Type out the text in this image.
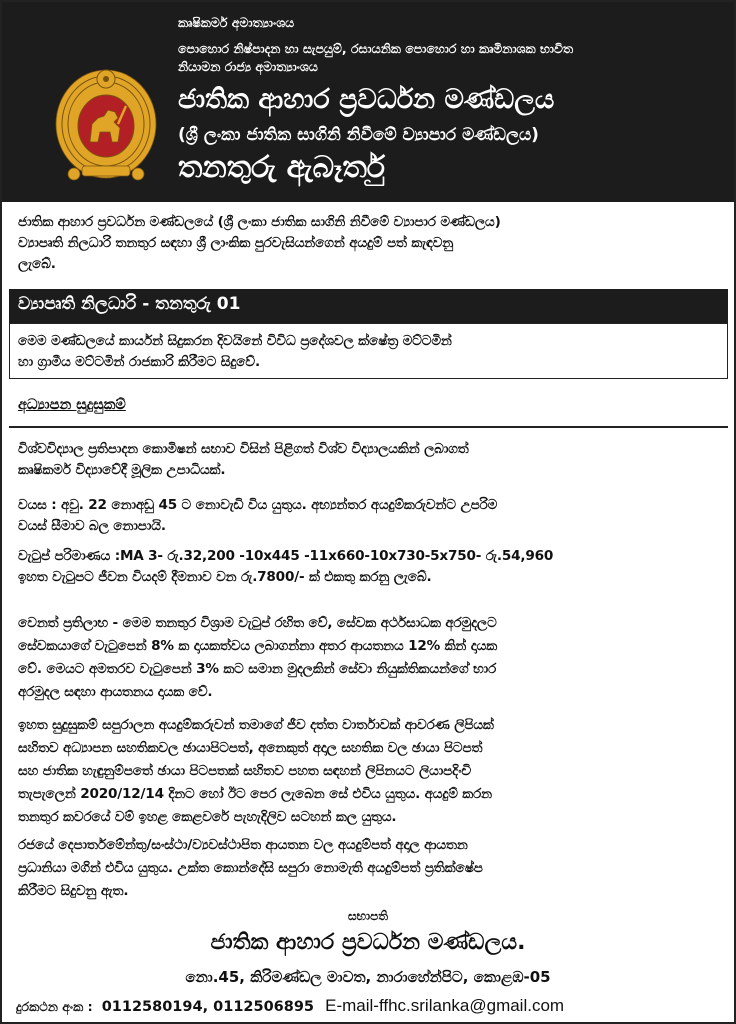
කෘෂිකර්ම අමාත්‍යාංශය
පොහොර නිෂ්පාදන හා සැපයුම්, රසායනික පොහොර හා කෘමිනාශක භාවිත
නියාමන රාජ්‍ය අමාත්‍යාංශය
ජාතික ආහාර ප්‍රවර්ධන මණ්ඩලය
(ශ්‍රී ලංකා ජාතික සාගිනි නිවීමේ ව්‍යාපාර මණ්ඩලය)
තනතුරු ඇබෑර්තු
ජාතික ආහාර ප්‍රවර්ධන මණ්ඩලයේ (ශ්‍රී ලංකා ජාතික සාගිනි නිවීමේ ව්‍යාපාර මණ්ඩලය)
ව්‍යාපෘති නිලධාරි තනතුර සඳහා ශ්‍රී ලාංකික පුරවැසියන්ගෙන් අයදුම් පත් කැඳවනු
ලැබේ.
ව්‍යාපෘති නිලධාරි - තනතුරු 01
මෙම මණ්ඩලයේ කාර්යන් සිදුකරන දිවයිනේ විවිධ ප්‍රදේශවල ක්ෂේත්‍ර මට්ටමින්
හා ග්‍රාමීය මට්ටමින් රාජකාරි කිරීමට සිදුවේ.
අධ්‍යාපන සුදුසුකම්
විශ්වවිද්‍යාල ප්‍රතිපාදන කොමිෂන් සභාව විසින් පිළිගත් විශ්ව විද්‍යාලයකින් ලබාගත්
කෘෂිකර්ම විද්‍යාවේදී මූලික උපාධියක්.
වයස : අවු. 22 නොඅඩු 45 ට නොවැඩි විය යුතුය. අභ්‍යන්තර අයදුම්කරුවන්ට උපරිම
වයස් සීමාව බල නොපායි.
වැටුප් පරිමාණය :MA 3- රු.32,200 -10x445 -11x660-10x730-5x750- රු.54,960
ඉහත වැටුපට ජීවන වියදම් දීමනාව වන රු.7800/- ක් එකතු කරනු ලැබේ.
වෙනත් ප්‍රතිලාභ - මෙම තනතුර විශ්‍රාම වැටුප් රහිත වේ, සේවක අර්ථසාධක අරමුදලට
සේවකයාගේ වැටුපෙන් 8% ක දායකත්වය ලබාගන්නා අතර ආයතනය 12% කින් දායක
වේ. මෙයට අමතරව වැටුපෙන් 3% කට සමාන මුදලකින් සේවා නියුක්තිකයන්ගේ භාර
අරමුදල සඳහා ආයතනය දායක වේ.
ඉහත සුදුසුකම් සපුරාලන අයදුම්කරුවන් තමාගේ ජීව දත්ත වාර්තාවක් ආවරණ ලිපියක්
සහිතව අධ්‍යාපන සහතිකවල ඡායාපිටපත්, අනෙකුත් අදාල සහතික වල ඡායා පිටපත්
සහ ජාතික හැඳුනුම්පතේ ඡායා පිටපතක් සහිතව පහත සඳහන් ලිපිනයට ලියාපදිංචි
තැපැලෙන් 2020/12/14 දිනට හෝ ඊට පෙර ලැබෙන සේ එවිය යුතුය. අයදුම් කරන
තනතුර කවරයේ වම් ඉහළ කෙළවරේ පැහැදිලිව සටහන් කල යුතුය.
රජයේ දෙපාර්තමේන්තු/සංස්ථා/ව්‍යවස්ථාපිත ආයතන වල අයදුම්පත් අදාල ආයතන
ප්‍රධානියා මගින් එවිය යුතුය. උක්ත කොන්දේසි සපුරා නොමැති අයදුම්පත් ප්‍රතික්ෂේප
කිරීමට සිදුවනු ඇත.
සභාපති
ජාතික ආහාර ප්‍රවර්ධන මණ්ඩලය.
නො.45, කිරිමණ්ඩල මාවත, නාරාහේන්පිට, කොළඹ-05
දුරකථන අංක : 0112580194, 0112506895 E-mail-ffhc.srilanka@gmail.com
